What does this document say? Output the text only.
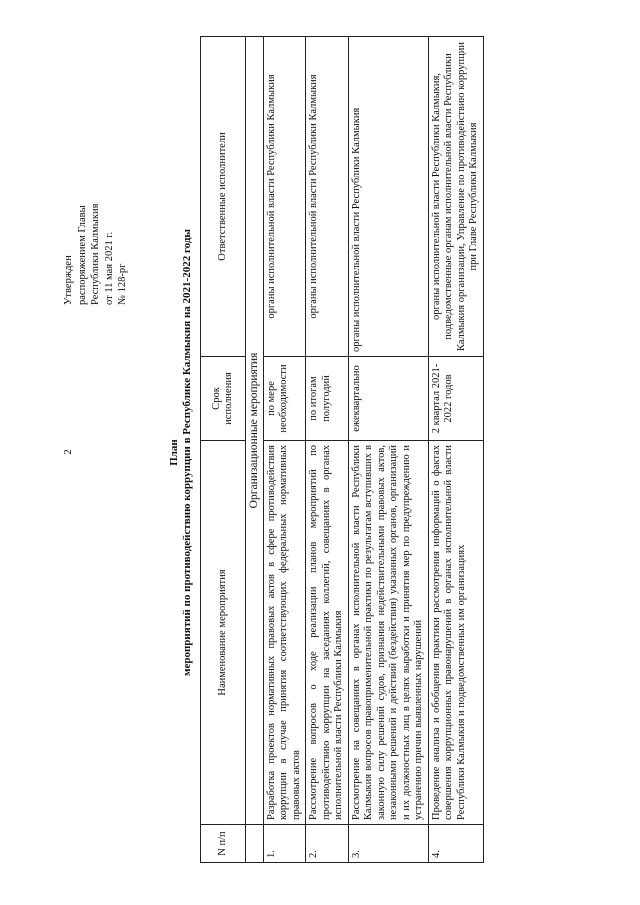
2
Утвержден распоряжением Главы Республики Калмыкия от 11 мая 2021 г. № 128-рг
План мероприятий по противодействию коррупции в Республике Калмыкия на 2021-2022 годы
N п/п	Наименование мероприятия	Срок исполнения	Ответственные исполнители
	Организационные мероприятия		
1.	Разработка проектов нормативных правовых актов в сфере противодействия коррупции в случае принятия соответствующих федеральных нормативных правовых актов	по мере необходимости	органы исполнительной власти Республики Калмыкия
2.	Рассмотрение вопросов о ходе реализации планов мероприятий по противодействию коррупции на заседаниях коллегий, совещаниях в органах исполнительной власти Республики Калмыкия	по итогам полугодий	органы исполнительной власти Республики Калмыкия
3.	Рассмотрение на совещаниях в органах исполнительной власти Республики Калмыкия вопросов правоприменительной практики по результатам вступивших в законную силу решений судов, признания недействительными правовых актов, незаконными решений и действий (бездействия) указанных органов, организаций и их должностных лиц в целях выработки и принятия мер по предупреждению и устранению причин выявленных нарушений	ежеквартально	органы исполнительной власти Республики Калмыкия
4.	Проведение анализа и обобщения практики рассмотрения информаций о фактах совершения коррупционных правонарушений в органах исполнительной власти Республики Калмыкия и подведомственных им организациях	2 квартал 2021-2022 годов	органы исполнительной власти Республики Калмыкия, подведомственные органам исполнительной власти Республики Калмыкия организации, Управление по противодействию коррупции при Главе Республики Калмыкия
